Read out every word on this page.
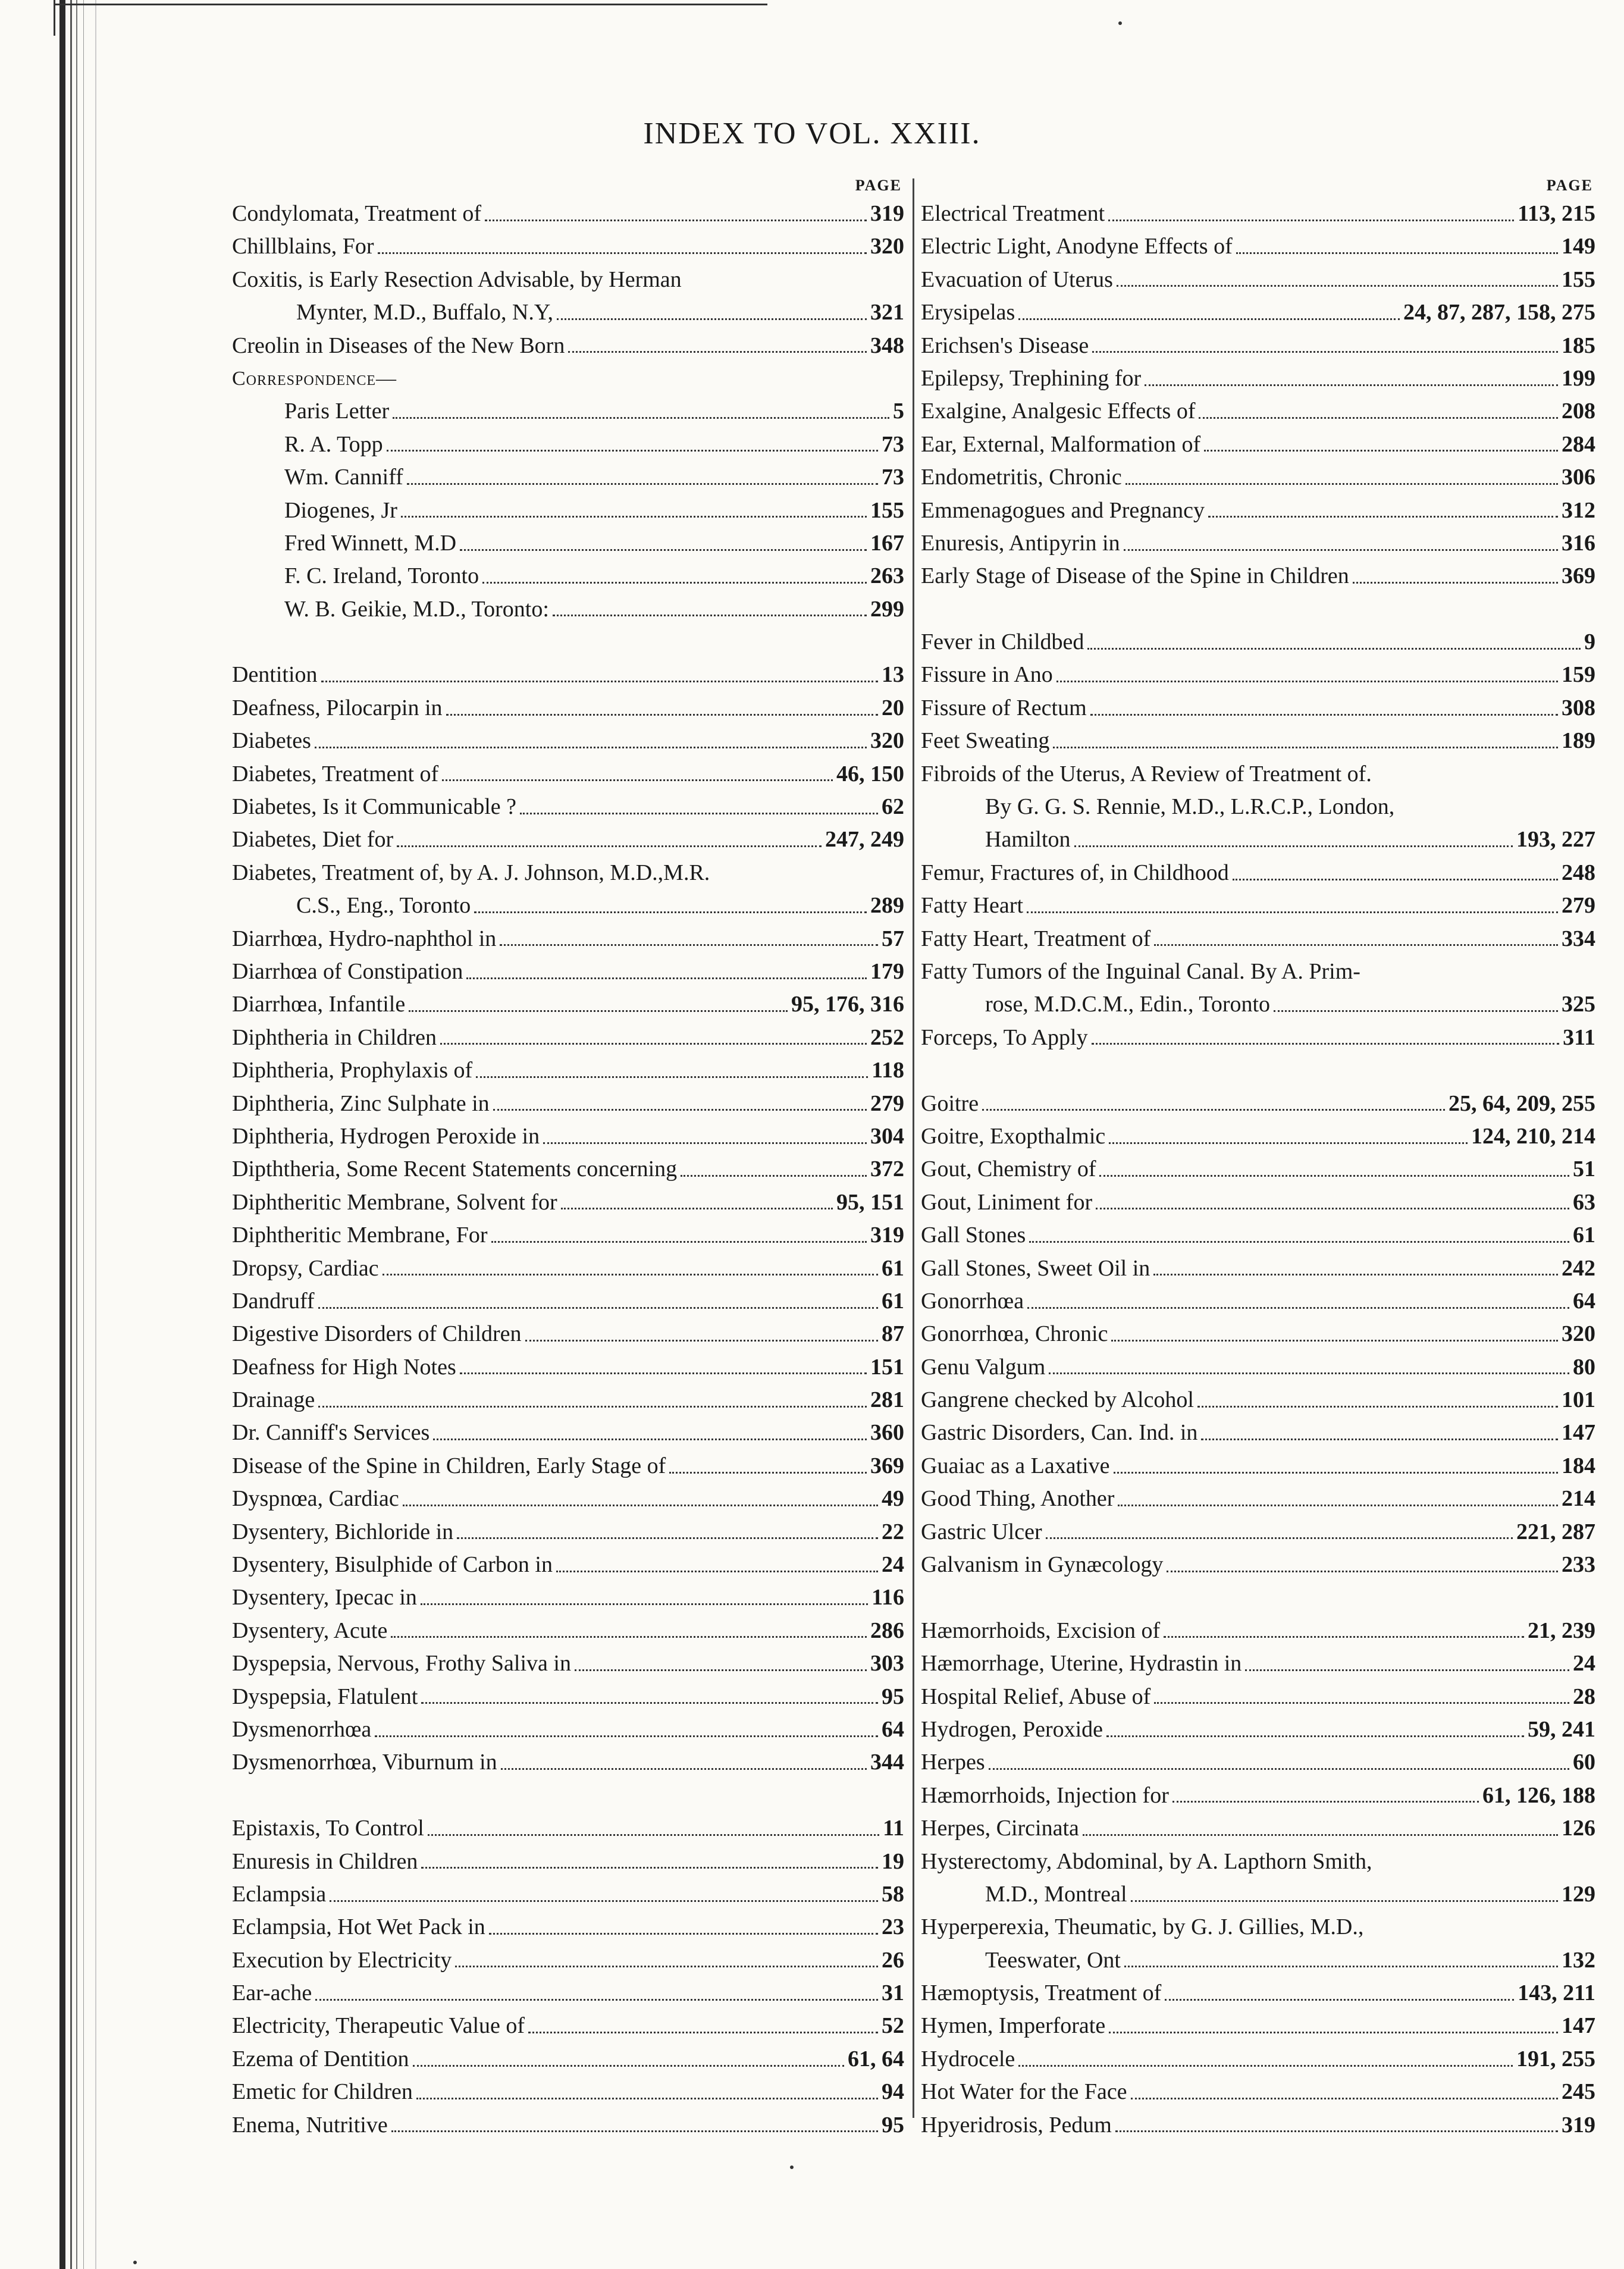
INDEX TO VOL. XXIII.
PAGE
Condylomata, Treatment of	319
Chillblains, For	320
Coxitis, is Early Resection Advisable, by Herman
Mynter, M.D., Buffalo, N.Y,	321
Creolin in Diseases of the New Born	348
Correspondence—
Paris Letter	5
R. A. Topp	73
Wm. Canniff	73
Diogenes, Jr	155
Fred Winnett, M.D	167
F. C. Ireland, Toronto	263
W. B. Geikie, M.D., Toronto:	299
Dentition	13
Deafness, Pilocarpin in	20
Diabetes	320
Diabetes, Treatment of	46, 150
Diabetes, Is it Communicable ?	62
Diabetes, Diet for	247, 249
Diabetes, Treatment of, by A. J. Johnson, M.D.,M.R.
C.S., Eng., Toronto	289
Diarrhœa, Hydro-naphthol in	57
Diarrhœa of Constipation	179
Diarrhœa, Infantile	95, 176, 316
Diphtheria in Children	252
Diphtheria, Prophylaxis of	118
Diphtheria, Zinc Sulphate in	279
Diphtheria, Hydrogen Peroxide in	304
Dipththeria, Some Recent Statements concerning	372
Diphtheritic Membrane, Solvent for	95, 151
Diphtheritic Membrane, For	319
Dropsy, Cardiac	61
Dandruff	61
Digestive Disorders of Children	87
Deafness for High Notes	151
Drainage	281
Dr. Canniff's Services	360
Disease of the Spine in Children, Early Stage of	369
Dyspnœa, Cardiac	49
Dysentery, Bichloride in	22
Dysentery, Bisulphide of Carbon in	24
Dysentery, Ipecac in	116
Dysentery, Acute	286
Dyspepsia, Nervous, Frothy Saliva in	303
Dyspepsia, Flatulent	95
Dysmenorrhœa	64
Dysmenorrhœa, Viburnum in	344
Epistaxis, To Control	11
Enuresis in Children	19
Eclampsia	58
Eclampsia, Hot Wet Pack in	23
Execution by Electricity	26
Ear-ache	31
Electricity, Therapeutic Value of	52
Ezema of Dentition	61, 64
Emetic for Children	94
Enema, Nutritive	95
PAGE
Electrical Treatment	113, 215
Electric Light, Anodyne Effects of	149
Evacuation of Uterus	155
Erysipelas	24, 87, 287, 158, 275
Erichsen's Disease	185
Epilepsy, Trephining for	199
Exalgine, Analgesic Effects of	208
Ear, External, Malformation of	284
Endometritis, Chronic	306
Emmenagogues and Pregnancy	312
Enuresis, Antipyrin in	316
Early Stage of Disease of the Spine in Children	369
Fever in Childbed	9
Fissure in Ano	159
Fissure of Rectum	308
Feet Sweating	189
Fibroids of the Uterus, A Review of Treatment of.
By G. G. S. Rennie, M.D., L.R.C.P., London,
Hamilton	193, 227
Femur, Fractures of, in Childhood	248
Fatty Heart	279
Fatty Heart, Treatment of	334
Fatty Tumors of the Inguinal Canal. By A. Prim-
rose, M.D.C.M., Edin., Toronto	325
Forceps, To Apply	311
Goitre	25, 64, 209, 255
Goitre, Exopthalmic	124, 210, 214
Gout, Chemistry of	51
Gout, Liniment for	63
Gall Stones	61
Gall Stones, Sweet Oil in	242
Gonorrhœa	64
Gonorrhœa, Chronic	320
Genu Valgum	80
Gangrene checked by Alcohol	101
Gastric Disorders, Can. Ind. in	147
Guaiac as a Laxative	184
Good Thing, Another	214
Gastric Ulcer	221, 287
Galvanism in Gynæcology	233
Hæmorrhoids, Excision of	21, 239
Hæmorrhage, Uterine, Hydrastin in	24
Hospital Relief, Abuse of	28
Hydrogen, Peroxide	59, 241
Herpes	60
Hæmorrhoids, Injection for	61, 126, 188
Herpes, Circinata	126
Hysterectomy, Abdominal, by A. Lapthorn Smith,
M.D., Montreal	129
Hyperperexia, Theumatic, by G. J. Gillies, M.D.,
Teeswater, Ont	132
Hæmoptysis, Treatment of	143, 211
Hymen, Imperforate	147
Hydrocele	191, 255
Hot Water for the Face	245
Hpyeridrosis, Pedum	319
